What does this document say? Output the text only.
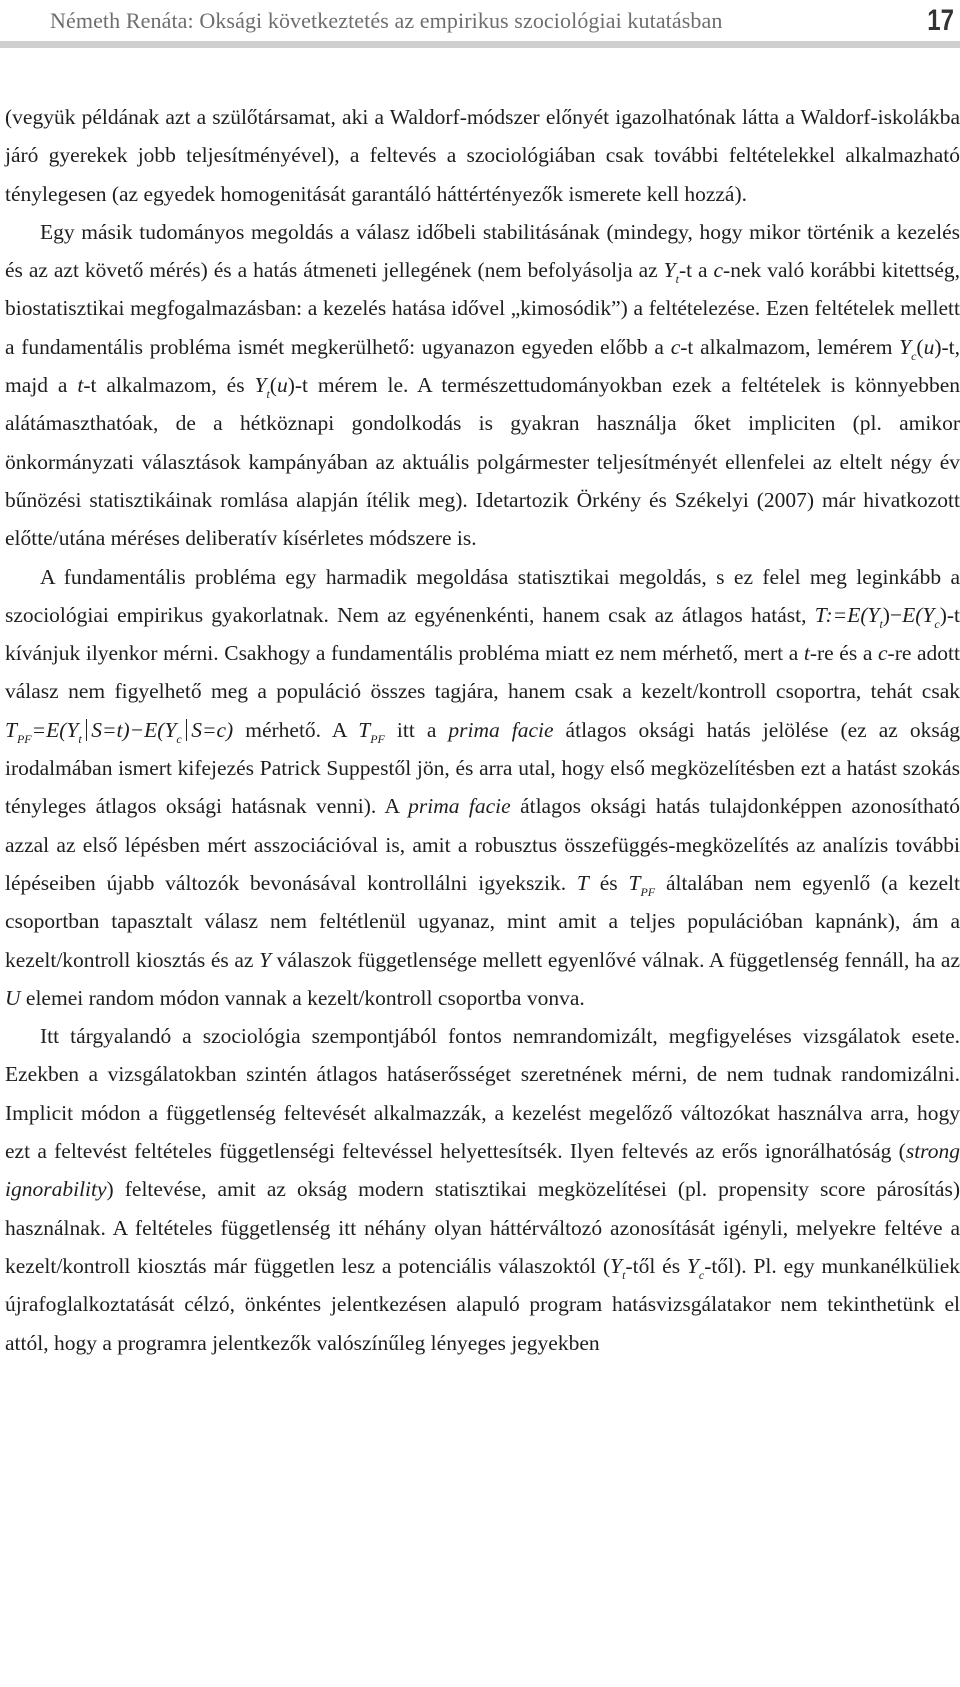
Németh Renáta: Oksági következtetés az empirikus szociológiai kutatásban	17

(vegyük példának azt a szülőtársamat, aki a Waldorf-módszer előnyét igazolhatónak látta a Waldorf-iskolákba járó gyerekek jobb teljesítményével), a feltevés a szociológiában csak további feltételekkel alkalmazható ténylegesen (az egyedek homogenitását garantáló háttértényezők ismerete kell hozzá).

Egy másik tudományos megoldás a válasz időbeli stabilitásának (mindegy, hogy mikor történik a kezelés és az azt követő mérés) és a hatás átmeneti jellegének (nem befolyásolja az $Y_t-t$ a c-nek való korábbi kitettség, biostatisztikai megfogalmazásban: a kezelés hatása idővel „kimosódik”) a feltételezése. Ezen feltételek mellett a fundamentális probléma ismét megkerülhető: ugyanazon egyeden előbb a c-t alkalmazom, lemérem $Y_c(u)-t$, majd a t-t alkalmazom, és $Y_t(u)-t$ mérem le. A természettudományokban ezek a feltételek is könnyebben alátámaszthatóak, de a hétköznapi gondolkodás is gyakran használja őket impliciten (pl. amikor önkormányzati választások kampányában az aktuális polgármester teljesítményét ellenfelei az eltelt négy év bűnözési statisztikáinak romlása alapján ítélik meg). Idetartozik Örkény és Székelyi (2007) már hivatkozott előtte/utána méréses deliberatív kísérletes módszere is.

A fundamentális probléma egy harmadik megoldása statisztikai megoldás, s ez felel meg leginkább a szociológiai empirikus gyakorlatnak. Nem az egyénenkénti, hanem csak az átlagos hatást, $T:=E(Y_t)-E(Y_c)-t$ kívánjuk ilyenkor mérni. Csakhogy a fundamentális probléma miatt ez nem mérhető, mert a t-re és a c-re adott válasz nem figyelhető meg a populáció összes tagjára, hanem csak a kezelt/kontroll csoportra, tehát csak $T_{PF}=E(Y_t$ $S=t)-E(Y_c$ S=c) mérhető. A $T_{PF}$ itt a prima facie átlagos oksági hatás jelölése (ez az okság irodalmában ismert kifejezés Patrick Suppestől jön, és arra utal, hogy első megközelítésben ezt a hatást szokás tényleges átlagos oksági hatásnak venni). A prima facie átlagos oksági hatás tulajdonképpen azonosítható azzal az első lépésben mért asszociációval is, amit a robusztus összefüggés-megközelítés az analízis további lépéseiben újabb változók bevonásával kontrollálni igyekszik. T és $T_{PF}$ általában nem egyenlő (a kezelt csoportban tapasztalt válasz nem feltétlenül ugyanaz, mint amit a teljes populációban kapnánk), ám a kezelt/kontroll kiosztás és az Y válaszok függetlensége mellett egyenlővé válnak. A függetlenség fennáll, ha az U elemei random módon vannak a kezelt/kontroll csoportba vonva.

Itt tárgyalandó a szociológia szempontjából fontos nemrandomizált, megfigyeléses vizsgálatok esete. Ezekben a vizsgálatokban szintén átlagos hatáserősséget szeretnének mérni, de nem tudnak randomizálni. Implicit módon a függetlenség feltevését alkalmazzák, a kezelést megelőző változókat használva arra, hogy ezt a feltevést feltételes függetlenségi feltevéssel helyettesítsék. Ilyen feltevés az erős ignorálhatóság (strong ignorability) feltevése, amit az okság modern statisztikai megközelítései (pl. propensity score párosítás) használnak. A feltételes függetlenség itt néhány olyan háttérváltozó azonosítását igényli, melyekre feltéve a kezelt/kontroll kiosztás már független lesz a potenciális válaszoktól ($Y_t$-től és $Y_c-től$). Pl. egy munkanélküliek újrafoglalkoztatását célzó, önkéntes jelentkezésen alapuló program hatásvizsgálatakor nem tekinthetünk el attól, hogy a programra jelentkezők valószínűleg lényeges jegyekben
